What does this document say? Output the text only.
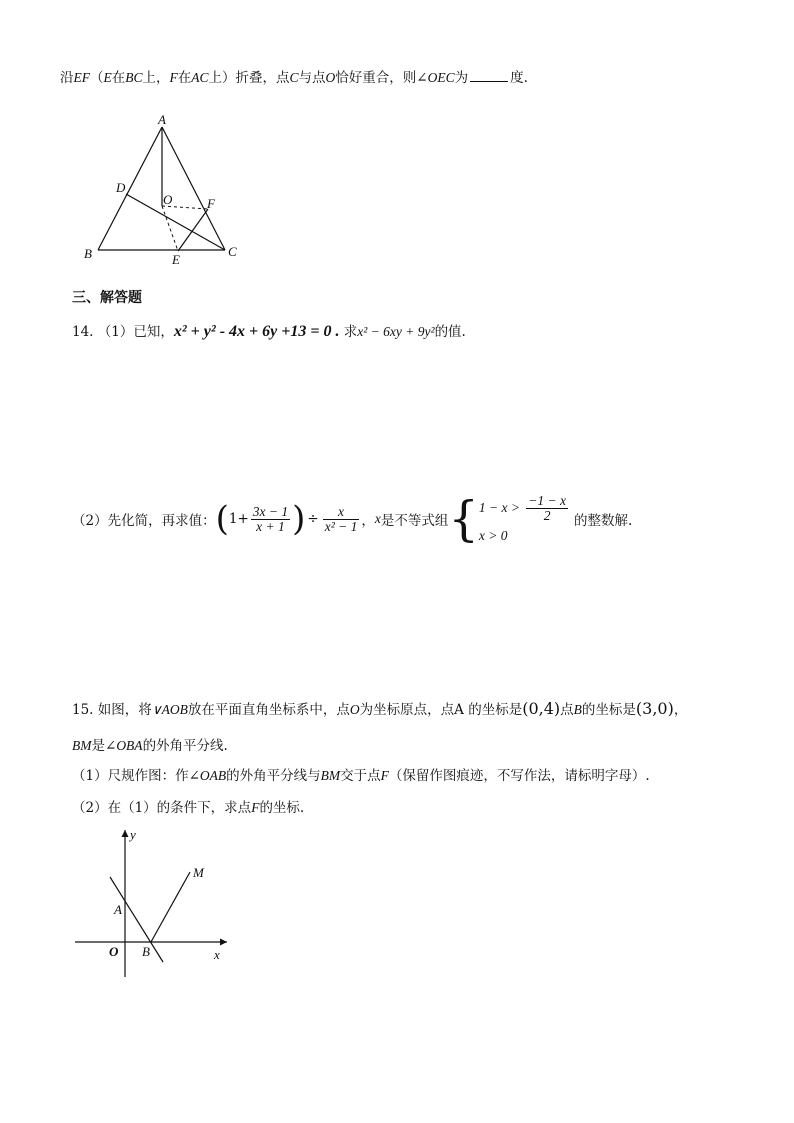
沿EF（E在BC上，F在AC上）折叠，点C与点O恰好重合，则∠OEC为	度.
A
B	C
D
O	F
E
三、解答题
14. （1）已知，x² + y² - 4x + 6y +13 = 0 . 求x² − 6xy + 9y²的值.
（2）先化简，再求值： ( $1+ \frac{3x - 1}{x + 1}$ ) ÷ $\frac{x}{\text{x² − 1}}$ ， x 是不等式组 { $1 - x > \frac{-1 - x}{2}$
x > 0
的整数解.
15. 如图，将∨AOB放在平面直角坐标系中，点O为坐标原点，点A 的坐标是(0,4)点B的坐标是(3,0)，
BM是∠OBA的外角平分线.
（1）尺规作图：作∠OAB的外角平分线与BM交于点F（保留作图痕迹，不写作法，请标明字母）.
（2）在（1）的条件下，求点F的坐标.
y
x
M
A
O B
